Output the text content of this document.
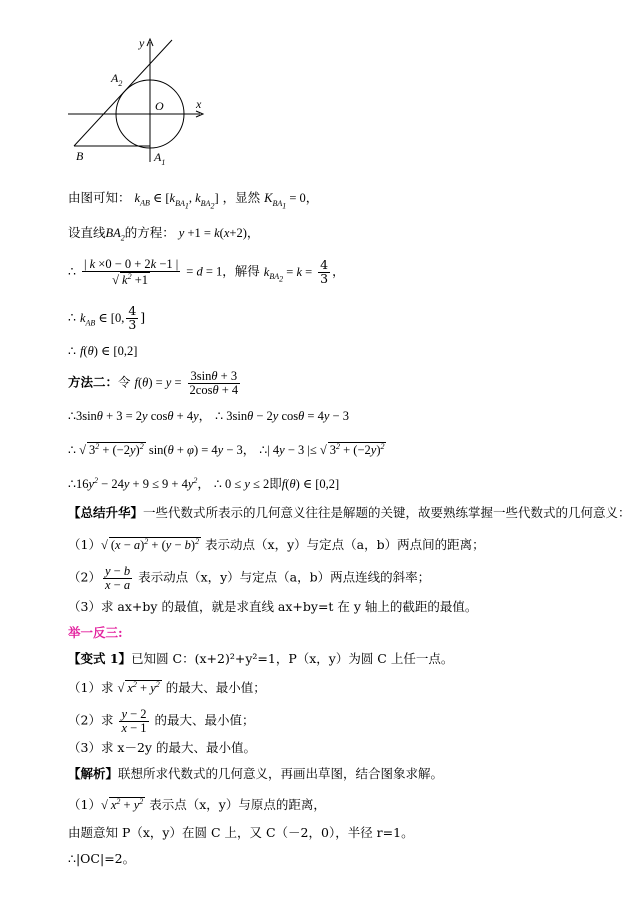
y
x
O
$A_2$
$A_1$
B
由图可知： $k_{AB}$ ∈ [$k_{BA_1}$, $k_{BA_2}$] ，显然 $K_{BA_1} = 0$，
设直线$BA_2$的方程： y +1 = k(x+2)，
∴ $\frac{| k \times 0 - 0 + 2k -1 |}{√ k^2 +1} = d = 1$，解得 $k_{BA_2} = k = \frac{4}{3}$ ，
∴ $k_{AB}$ ∈ [0, $\frac{4}{3}$ ]
∴ f(θ) ∈ [0,2]
方法二：令 $f(\theta) = y = \frac{3\sin\theta + 3}{2\cos\theta + 4}$
∴3sinθ + 3 = 2y cosθ + 4y， ∴ 3sinθ − 2y cosθ = 4y − 3
∴ √ $3^2 + (-2y)^2$ sin(θ + φ) = 4y − 3， ∴| 4y − 3 |≤ √ $3^2 + (-2y)^2$
$\therefore 16y^2 - 24y + 9 \le 9 + 4y^2$， ∴ 0 ≤ y ≤ 2即f(θ) ∈ [0,2]
【总结升华】一些代数式所表示的几何意义往往是解题的关键，故要熟练掌握一些代数式的几何意义：
（1）√ $(x - a)^2 + (y - b)^2$ 表示动点（x，y）与定点（a，b）两点间的距离；
$(2) \frac{y - b}{x - a}$ 表示动点（x，y）与定点（a，b）两点连线的斜率；
（3）求 ax+by 的最值，就是求直线 ax+by=t 在 y 轴上的截距的最值。
举一反三:
【变式 1】已知圆 C：(x+2)²+y²=1，P（x，y）为圆 C 上任一点。
（1）求 √ $x^2 + y^2$ 的最大、最小值；
（2）求 $\frac{y - 2}{x - 1}$ 的最大、最小值；
（3）求 x－2y 的最大、最小值。
【解析】联想所求代数式的几何意义，再画出草图，结合图象求解。
（1）√ $x^2 + y^2$ 表示点（x，y）与原点的距离，
由题意知 P（x，y）在圆 C 上，又 C（－2，0），半径 r=1。
∴|OC|=2。
